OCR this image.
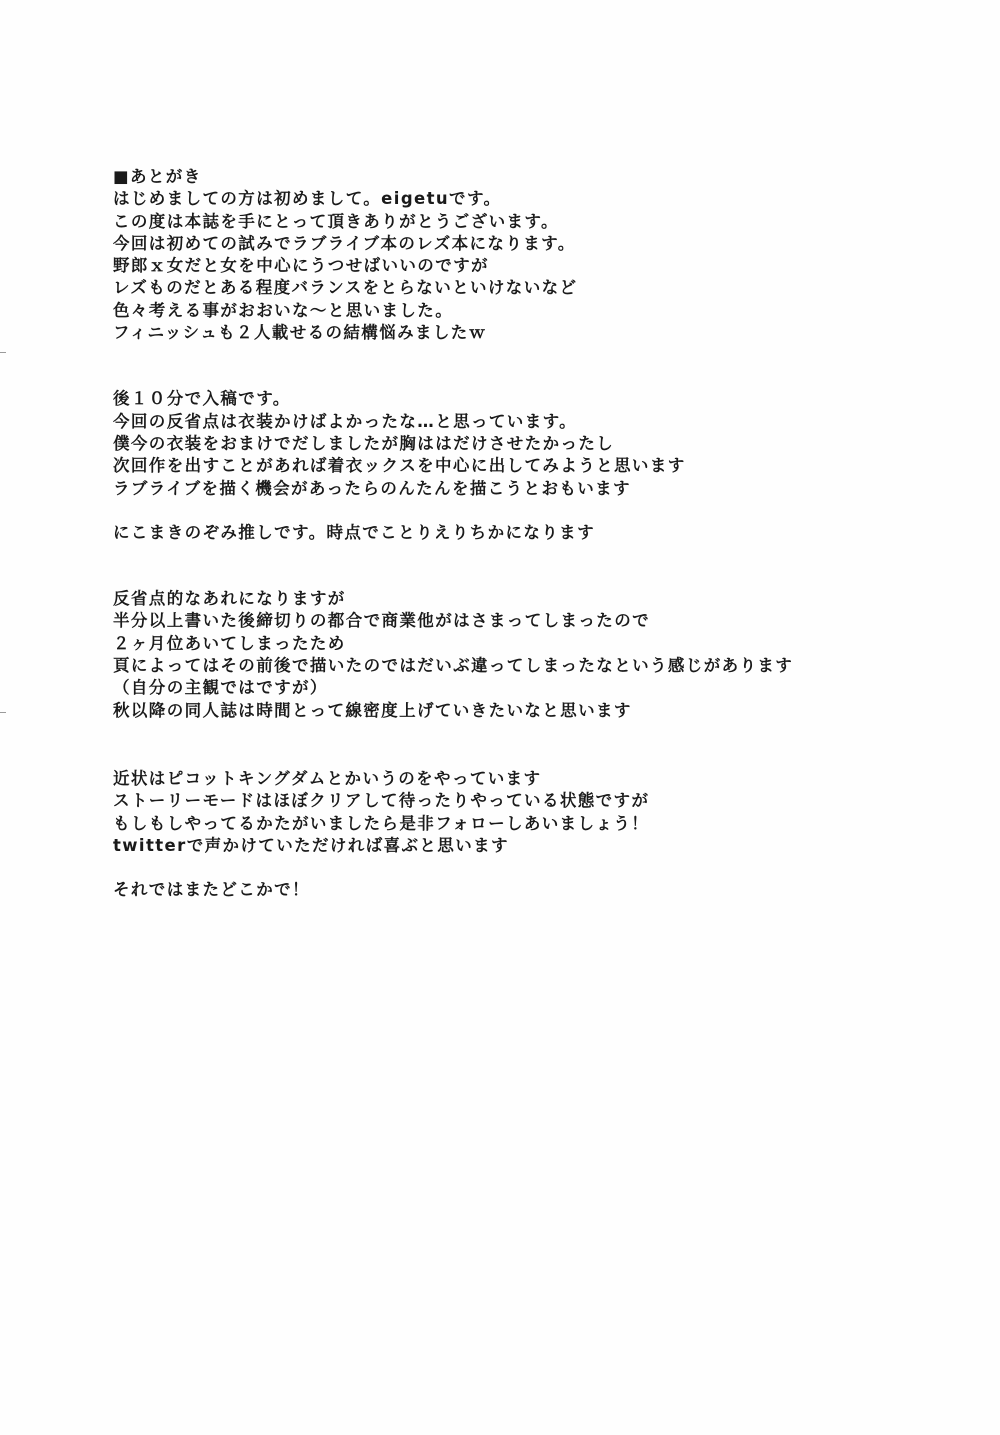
■あとがき
はじめましての方は初めまして。eigetuです。
この度は本誌を手にとって頂きありがとうございます。
今回は初めての試みでラブライブ本のレズ本になります。
野郎ｘ女だと女を中心にうつせばいいのですが
レズものだとある程度バランスをとらないといけないなど
色々考える事がおおいな～と思いました。
フィニッシュも２人載せるの結構悩みましたｗ
後１０分で入稿です。
今回の反省点は衣装かけばよかったな…と思っています。
僕今の衣装をおまけでだしましたが胸ははだけさせたかったし
次回作を出すことがあれば着衣ックスを中心に出してみようと思います
ラブライブを描く機会があったらのんたんを描こうとおもいます
にこまきのぞみ推しです。時点でことりえりちかになります
反省点的なあれになりますが
半分以上書いた後締切りの都合で商業他がはさまってしまったので
２ヶ月位あいてしまったため
頁によってはその前後で描いたのではだいぶ違ってしまったなという感じがあります
（自分の主観ではですが）
秋以降の同人誌は時間とって線密度上げていきたいなと思います
近状はピコットキングダムとかいうのをやっています
ストーリーモードはほぼクリアして待ったりやっている状態ですが
もしもしやってるかたがいましたら是非フォローしあいましょう！
twitterで声かけていただければ喜ぶと思います
それではまたどこかで！
